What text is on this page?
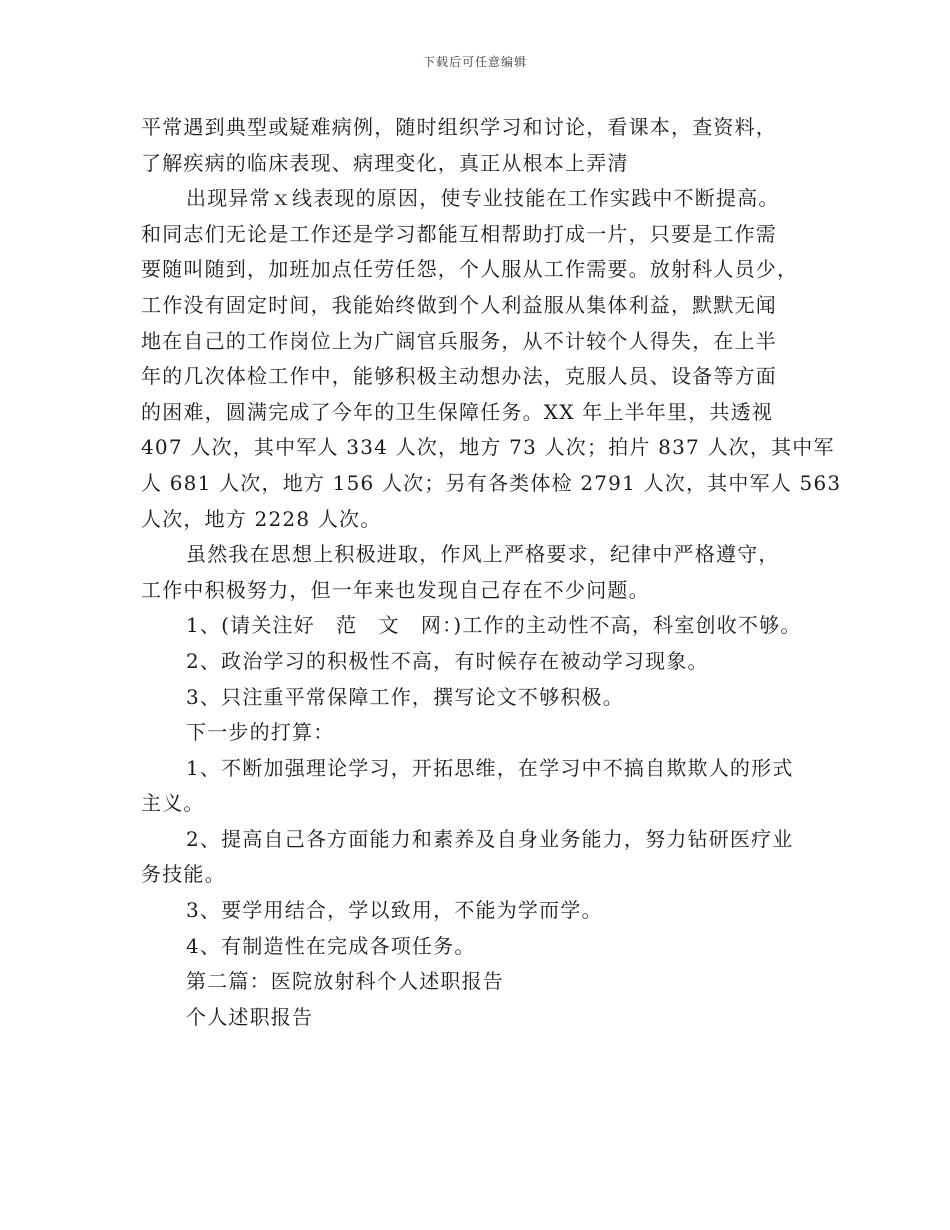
下载后可任意编辑
平常遇到典型或疑难病例，随时组织学习和讨论，看课本，查资料，
了解疾病的临床表现、病理变化，真正从根本上弄清
出现异常ｘ线表现的原因，使专业技能在工作实践中不断提高。
和同志们无论是工作还是学习都能互相帮助打成一片，只要是工作需
要随叫随到，加班加点任劳任怨，个人服从工作需要。放射科人员少，
工作没有固定时间，我能始终做到个人利益服从集体利益，默默无闻
地在自己的工作岗位上为广阔官兵服务，从不计较个人得失，在上半
年的几次体检工作中，能够积极主动想办法，克服人员、设备等方面
的困难，圆满完成了今年的卫生保障任务。XX 年上半年里，共透视
407 人次，其中军人 334 人次，地方 73 人次；拍片 837 人次，其中军
人 681 人次，地方 156 人次；另有各类体检 2791 人次，其中军人 563
人次，地方 2228 人次。
虽然我在思想上积极进取，作风上严格要求，纪律中严格遵守，
工作中积极努力，但一年来也发现自己存在不少问题。
1、(请关注好　范　文　网：)工作的主动性不高，科室创收不够。
2、政治学习的积极性不高，有时候存在被动学习现象。
3、只注重平常保障工作，撰写论文不够积极。
下一步的打算：
1、不断加强理论学习，开拓思维，在学习中不搞自欺欺人的形式
主义。
2、提高自己各方面能力和素养及自身业务能力，努力钻研医疗业
务技能。
3、要学用结合，学以致用，不能为学而学。
4、有制造性在完成各项任务。
第二篇：医院放射科个人述职报告
个人述职报告
